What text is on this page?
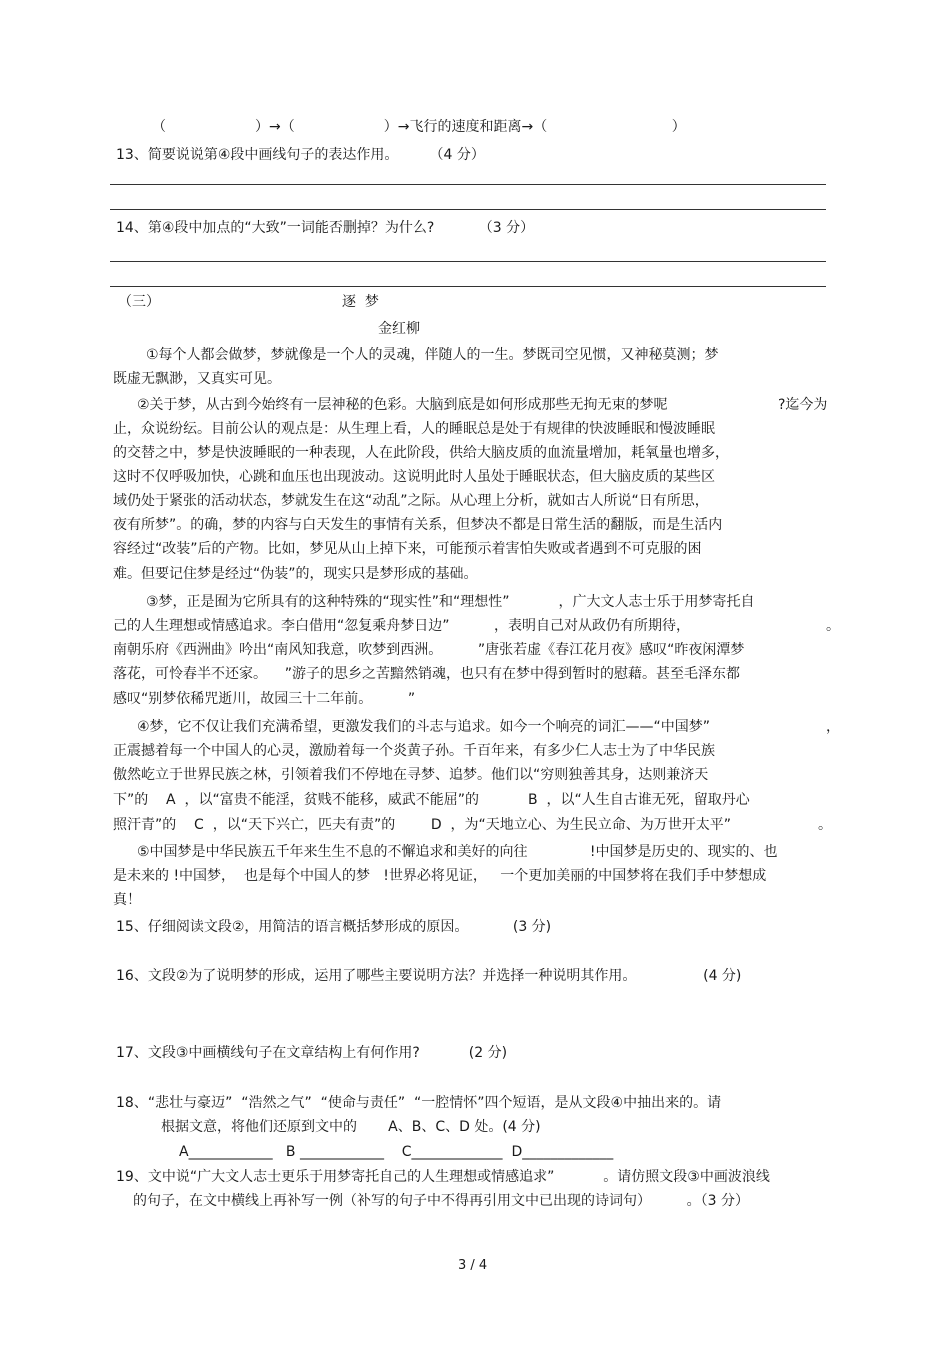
（                    ）→（                    ）→飞行的速度和距离→（                            ）
13、简要说说第④段中画线句子的表达作用。       （4 分）
14、第④段中加点的“大致”一词能否删掉？为什么?          （3 分）
（三）	逐  梦
金红柳
①每个人都会做梦，梦就像是一个人的灵魂，伴随人的一生。梦既司空见惯，又神秘莫测；梦
既虚无飘渺，又真实可见。
②关于梦，从古到今始终有一层神秘的色彩。大脑到底是如何形成那些无拘无束的梦呢	?迄今为
止，众说纷纭。目前公认的观点是：从生理上看，人的睡眠总是处于有规律的快波睡眠和慢波睡眠
的交替之中，梦是快波睡眠的一种表现，人在此阶段，供给大脑皮质的血流量增加，耗氧量也增多，
这时不仅呼吸加快，心跳和血压也出现波动。这说明此时人虽处于睡眠状态，但大脑皮质的某些区
域仍处于紧张的活动状态，梦就发生在这“动乱”之际。从心理上分析，就如古人所说“日有所思，
夜有所梦”。的确，梦的内容与白天发生的事情有关系，但梦决不都是日常生活的翻版，而是生活内
容经过“改装”后的产物。比如，梦见从山上掉下来，可能预示着害怕失败或者遇到不可克服的困
难。但要记住梦是经过“伪装”的，现实只是梦形成的基础。
③梦，正是囿为它所具有的这种特殊的“现实性”和“理想性”           ，广大文人志士乐于用梦寄托自
己的人生理想或情感追求。李白借用“忽复乘舟梦日边”          ，表明自己对从政仍有所期待，	。
南朝乐府《西洲曲》吟出“南风知我意，吹梦到西洲。        ”唐张若虚《春江花月夜》感叹“昨夜闲潭梦
落花，可怜春半不还家。    ”游子的思乡之苦黯然销魂，也只有在梦中得到暂时的慰藉。甚至毛泽东都
感叹“别梦依稀咒逝川，故园三十二年前。        ”
④梦，它不仅让我们充满希望，更激发我们的斗志与追求。如今一个响亮的词汇——“中国梦”	，
正震撼着每一个中国人的心灵，激励着每一个炎黄子孙。千百年来，有多少仁人志士为了中华民族
傲然屹立于世界民族之林，引领着我们不停地在寻梦、追梦。他们以“穷则独善其身，达则兼济天
下”的    A  ，以“富贵不能淫，贫贱不能移，威武不能屈”的           B  ，以“人生自古谁无死，留取丹心
照汗青”的    C  ，以“天下兴亡，匹夫有责”的        D  ，为“天地立心、为生民立命、为万世开太平”	。
⑤中国梦是中华民族五千年来生生不息的不懈追求和美好的向往              !中国梦是历史的、现实的、也
是未来的 !中国梦，  也是每个中国人的梦   !世界必将见证，   一个更加美丽的中国梦将在我们手中梦想成
真！
15、仔细阅读文段②，用简洁的语言概括梦形成的原因。          (3 分)
16、文段②为了说明梦的形成，运用了哪些主要说明方法？并选择一种说明其作用。               (4 分)
17、文段③中画横线句子在文章结构上有何作用?           (2 分)
18、“悲壮与豪迈”  “浩然之气”  “使命与责任”  “一腔情怀”四个短语，是从文段④中抽出来的。请
根据文意，将他们还原到文中的       A、B、C、D 处。(4 分)
A____________   B ____________    C_____________  D_____________
19、文中说“广大文人志士更乐于用梦寄托自己的人生理想或情感追求”           。请仿照文段③中画波浪线
的句子，在文中横线上再补写一例（补写的句子中不得再引用文中已出现的诗词句）        。（3 分）
3 / 4
